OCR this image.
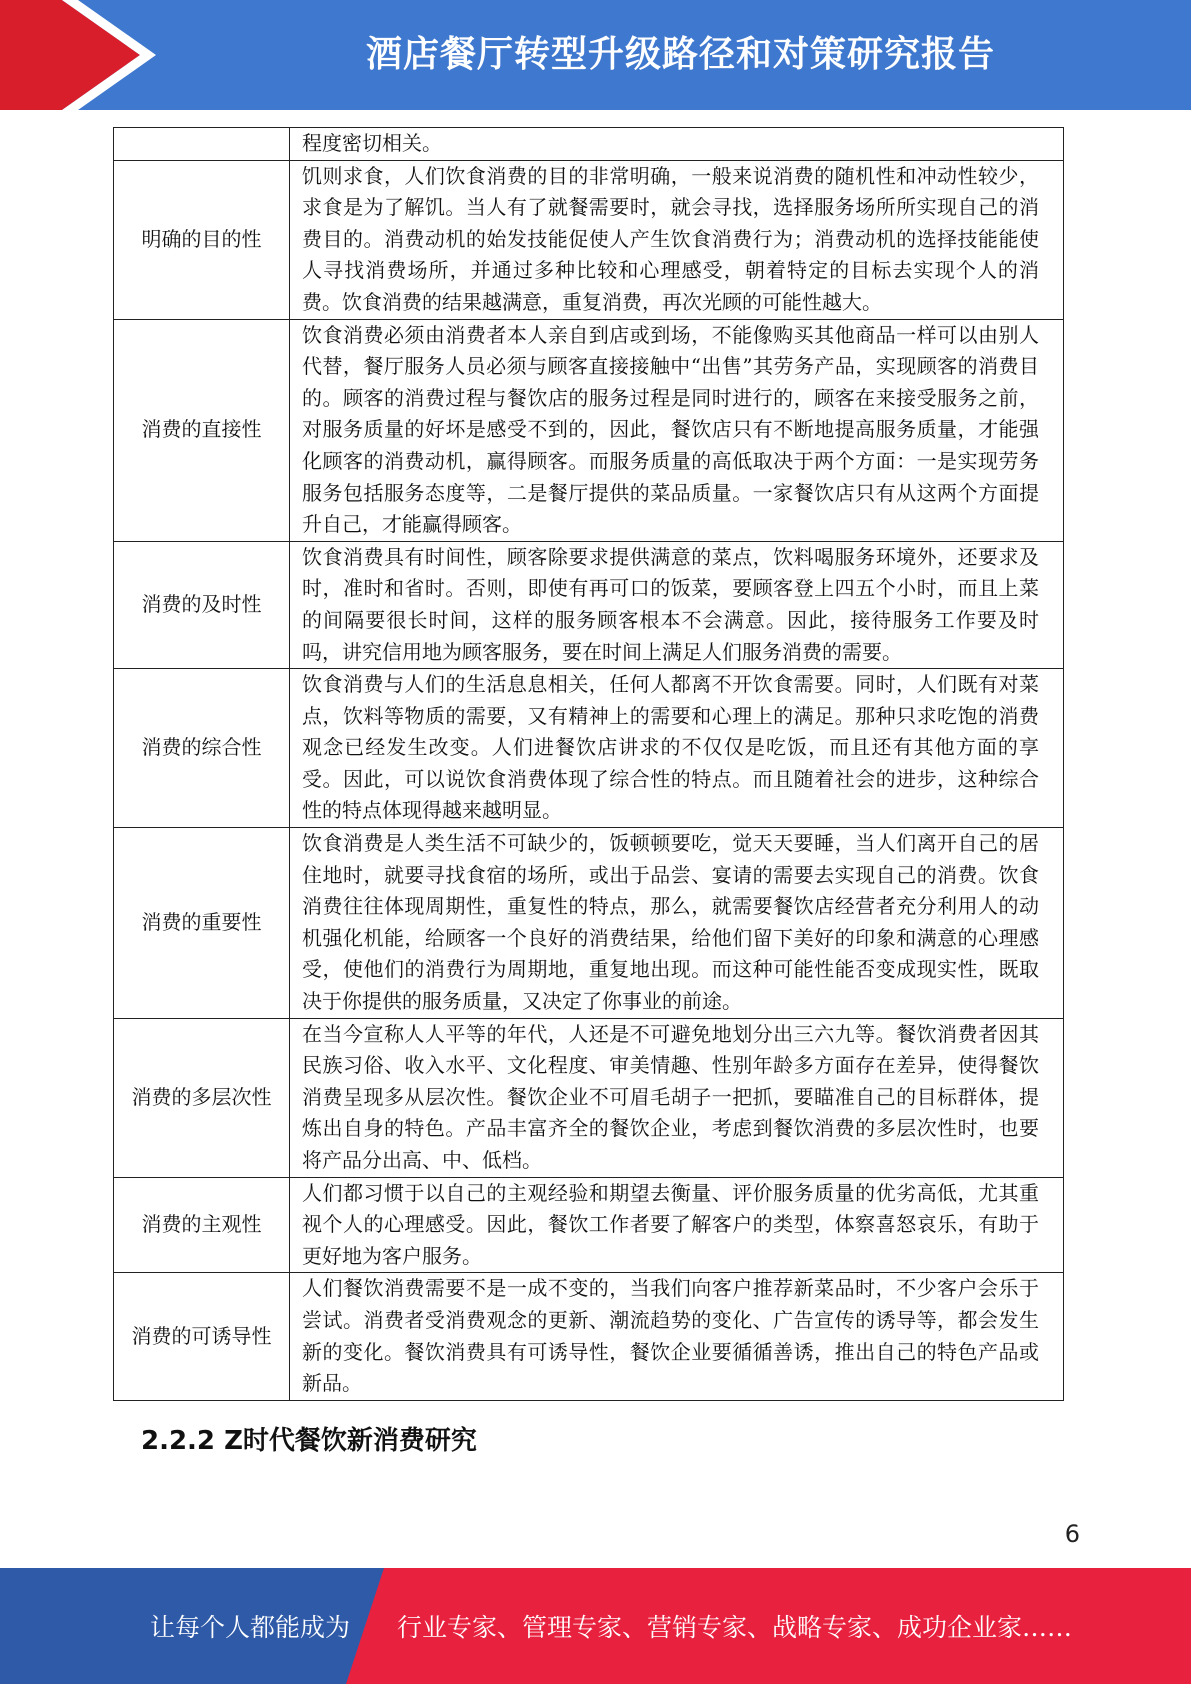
酒店餐厅转型升级路径和对策研究报告
	程度密切相关。
明确的目的性	饥则求食，人们饮食消费的目的非常明确，一般来说消费的随机性和冲动性较少，求食是为了解饥。当人有了就餐需要时，就会寻找，选择服务场所所实现自己的消费目的。消费动机的始发技能促使人产生饮食消费行为；消费动机的选择技能能使人寻找消费场所，并通过多种比较和心理感受，朝着特定的目标去实现个人的消费。饮食消费的结果越满意，重复消费，再次光顾的可能性越大。
消费的直接性	饮食消费必须由消费者本人亲自到店或到场，不能像购买其他商品一样可以由别人代替，餐厅服务人员必须与顾客直接接触中“出售”其劳务产品，实现顾客的消费目的。顾客的消费过程与餐饮店的服务过程是同时进行的，顾客在来接受服务之前，对服务质量的好坏是感受不到的，因此，餐饮店只有不断地提高服务质量，才能强化顾客的消费动机，赢得顾客。而服务质量的高低取决于两个方面：一是实现劳务服务包括服务态度等，二是餐厅提供的菜品质量。一家餐饮店只有从这两个方面提升自己，才能赢得顾客。
消费的及时性	饮食消费具有时间性，顾客除要求提供满意的菜点，饮料喝服务环境外，还要求及时，准时和省时。否则，即使有再可口的饭菜，要顾客登上四五个小时，而且上菜的间隔要很长时间，这样的服务顾客根本不会满意。因此，接待服务工作要及时吗，讲究信用地为顾客服务，要在时间上满足人们服务消费的需要。
消费的综合性	饮食消费与人们的生活息息相关，任何人都离不开饮食需要。同时，人们既有对菜点，饮料等物质的需要，又有精神上的需要和心理上的满足。那种只求吃饱的消费观念已经发生改变。人们进餐饮店讲求的不仅仅是吃饭，而且还有其他方面的享受。因此，可以说饮食消费体现了综合性的特点。而且随着社会的进步，这种综合性的特点体现得越来越明显。
消费的重要性	饮食消费是人类生活不可缺少的，饭顿顿要吃，觉天天要睡，当人们离开自己的居住地时，就要寻找食宿的场所，或出于品尝、宴请的需要去实现自己的消费。饮食消费往往体现周期性，重复性的特点，那么，就需要餐饮店经营者充分利用人的动机强化机能，给顾客一个良好的消费结果，给他们留下美好的印象和满意的心理感受，使他们的消费行为周期地，重复地出现。而这种可能性能否变成现实性，既取决于你提供的服务质量，又决定了你事业的前途。
消费的多层次性	在当今宣称人人平等的年代，人还是不可避免地划分出三六九等。餐饮消费者因其民族习俗、收入水平、文化程度、审美情趣、性别年龄多方面存在差异，使得餐饮消费呈现多从层次性。餐饮企业不可眉毛胡子一把抓，要瞄准自己的目标群体，提炼出自身的特色。产品丰富齐全的餐饮企业，考虑到餐饮消费的多层次性时，也要将产品分出高、中、低档。
消费的主观性	人们都习惯于以自己的主观经验和期望去衡量、评价服务质量的优劣高低，尤其重视个人的心理感受。因此，餐饮工作者要了解客户的类型，体察喜怒哀乐，有助于更好地为客户服务。
消费的可诱导性	人们餐饮消费需要不是一成不变的，当我们向客户推荐新菜品时，不少客户会乐于尝试。消费者受消费观念的更新、潮流趋势的变化、广告宣传的诱导等，都会发生新的变化。餐饮消费具有可诱导性，餐饮企业要循循善诱，推出自己的特色产品或新品。
2.2.2 Z时代餐饮新消费研究
6
让每个人都能成为 行业专家、管理专家、营销专家、战略专家、成功企业家……
